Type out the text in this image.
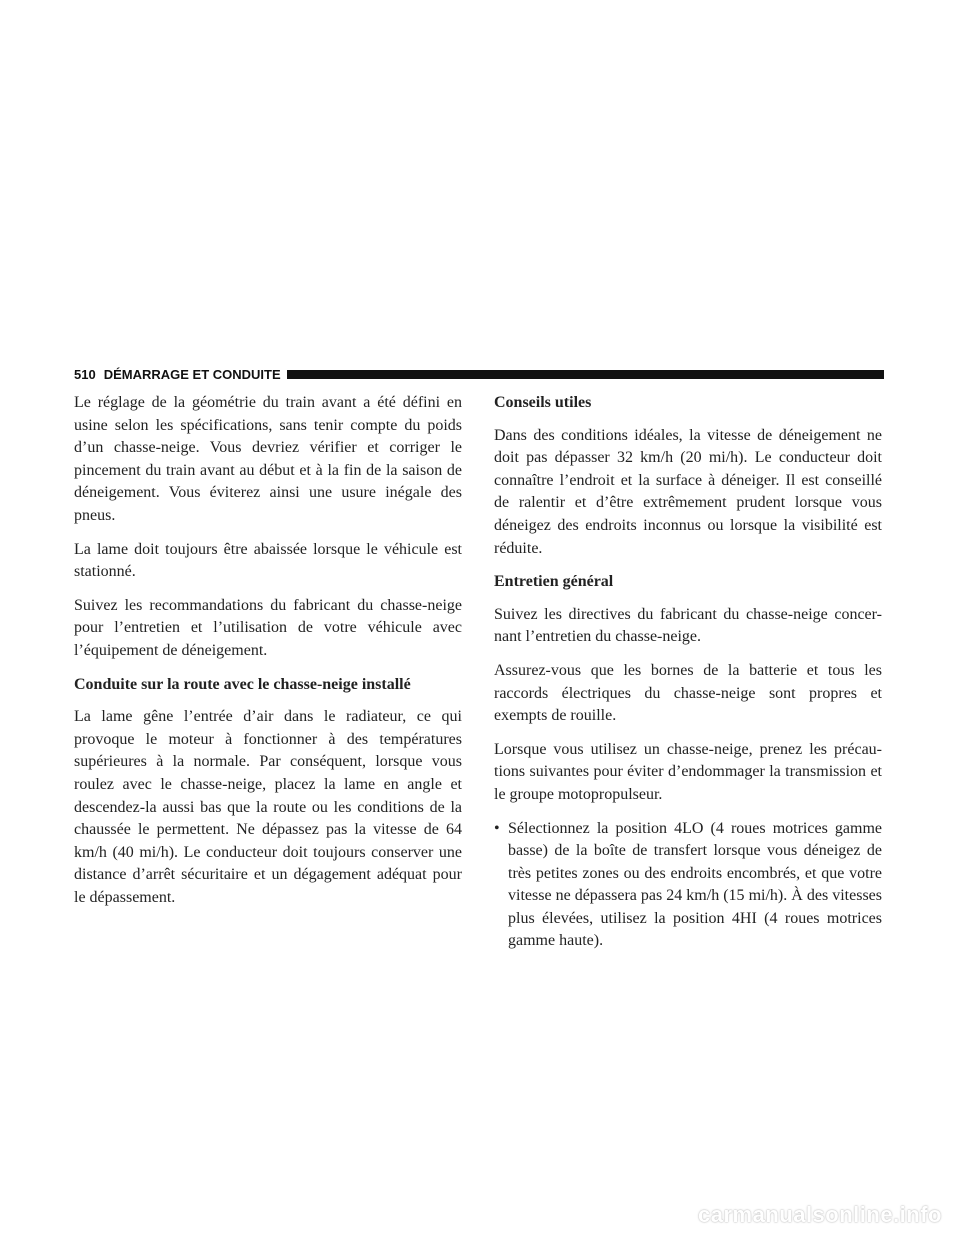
510 DÉMARRAGE ET CONDUITE

Le réglage de la géométrie du train avant a été défini en usine selon les spécifications, sans tenir compte du poids d’un chasse-neige. Vous devriez vérifier et corriger le pincement du train avant au début et à la fin de la saison de déneigement. Vous éviterez ainsi une usure inégale des pneus.

La lame doit toujours être abaissée lorsque le véhicule est stationné.

Suivez les recommandations du fabricant du chasse-neige pour l’entretien et l’utilisation de votre véhicule avec l’équipement de déneigement.

Conduite sur la route avec le chasse-neige installé

La lame gêne l’entrée d’air dans le radiateur, ce qui provoque le moteur à fonctionner à des températures supérieures à la normale. Par conséquent, lorsque vous roulez avec le chasse-neige, placez la lame en angle et descendez-la aussi bas que la route ou les conditions de la chaussée le permettent. Ne dépassez pas la vitesse de 64 km/h (40 mi/h). Le conducteur doit toujours conserver une distance d’arrêt sécuritaire et un dégagement adéquat pour le dépassement.

Conseils utiles

Dans des conditions idéales, la vitesse de déneigement ne doit pas dépasser 32 km/h (20 mi/h). Le conducteur doit connaître l’endroit et la surface à déneiger. Il est conseillé de ralentir et d’être extrêmement prudent lorsque vous déneigez des endroits inconnus ou lorsque la visibilité est réduite.

Entretien général

Suivez les directives du fabricant du chasse-neige concer-nant l’entretien du chasse-neige.

Assurez-vous que les bornes de la batterie et tous les raccords électriques du chasse-neige sont propres et exempts de rouille.

Lorsque vous utilisez un chasse-neige, prenez les précau-tions suivantes pour éviter d’endommager la transmission et le groupe motopropulseur.

• Sélectionnez la position 4LO (4 roues motrices gamme basse) de la boîte de transfert lorsque vous déneigez de très petites zones ou des endroits encombrés, et que votre vitesse ne dépassera pas 24 km/h (15 mi/h). À des vitesses plus élevées, utilisez la position 4HI (4 roues motrices gamme haute).
carmanualsonline.info
